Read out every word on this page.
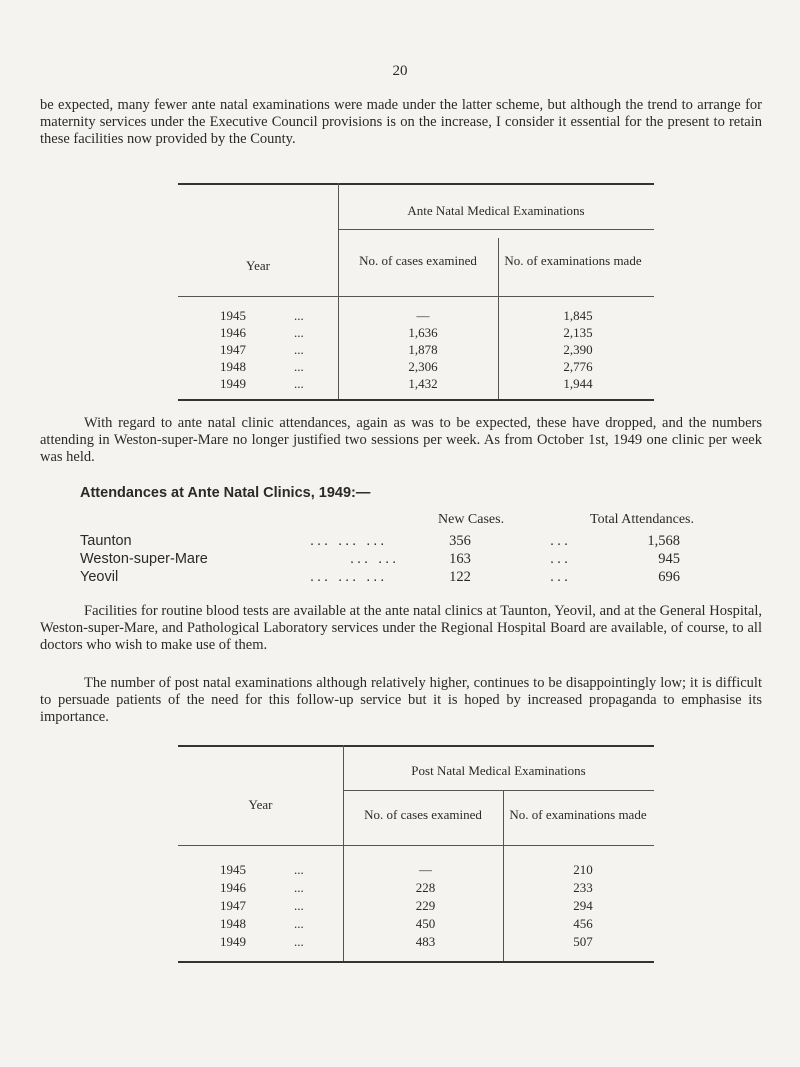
20

be expected, many fewer ante natal examinations were made under the latter scheme, but although the trend to arrange for maternity services under the Executive Council provisions is on the increase, I consider it essential for the present to retain these facilities now provided by the County.

Year
Ante Natal Medical Examinations
No. of cases examined	No. of examinations made
1945	...	—	1,845
1946	...	1,636	2,135
1947	...	1,878	2,390
1948	...	2,306	2,776
1949	...	1,432	1,944

With regard to ante natal clinic attendances, again as was to be expected, these have dropped, and the numbers attending in Weston-super-Mare no longer justified two sessions per week. As from October 1st, 1949 one clinic per week was held.

Attendances at Ante Natal Clinics, 1949:—
New Cases.	Total Attendances.
Taunton	... ... ...	356	...	1,568
Weston-super-Mare	... ...	163	...	945
Yeovil	... ... ...	122	...	696

Facilities for routine blood tests are available at the ante natal clinics at Taunton, Yeovil, and at the General Hospital, Weston-super-Mare, and Pathological Laboratory services under the Regional Hospital Board are available, of course, to all doctors who wish to make use of them.

The number of post natal examinations although relatively higher, continues to be disappointingly low; it is difficult to persuade patients of the need for this follow-up service but it is hoped by increased propaganda to emphasise its importance.

Year
Post Natal Medical Examinations
No. of cases examined	No. of examinations made
1945	...	—	210
1946	...	228	233
1947	...	229	294
1948	...	450	456
1949	...	483	507
